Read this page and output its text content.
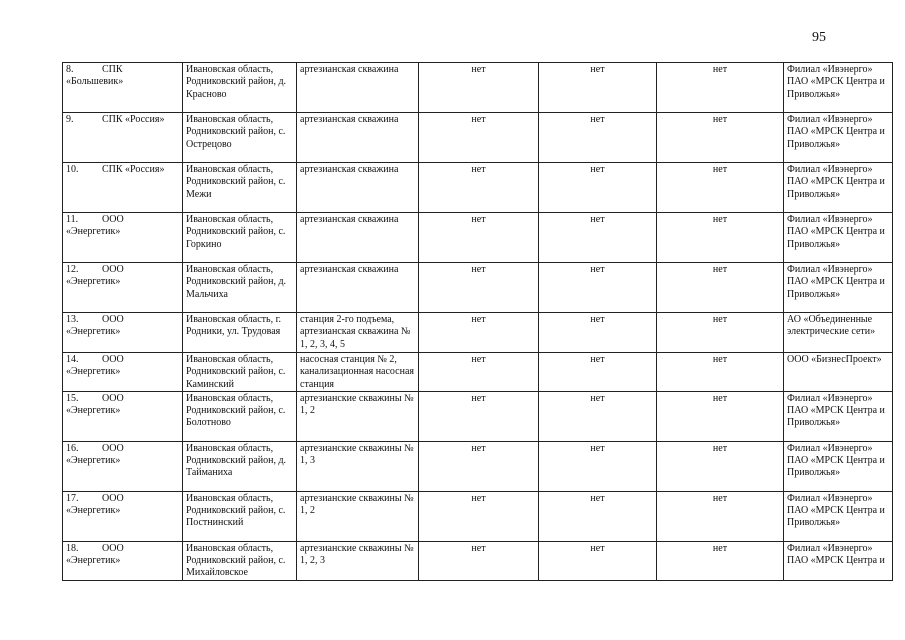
95
8. СПК «Большевик»	Ивановская область, Родниковский район, д. Красново	артезианская скважина	нет	нет	нет	Филиал «Ивэнерго» ПАО «МРСК Центра и Приволжья»
9. СПК «Россия»	Ивановская область, Родниковский район, с. Острецово	артезианская скважина	нет	нет	нет	Филиал «Ивэнерго» ПАО «МРСК Центра и Приволжья»
10. СПК «Россия»	Ивановская область, Родниковский район, с. Межи	артезианская скважина	нет	нет	нет	Филиал «Ивэнерго» ПАО «МРСК Центра и Приволжья»
11. ООО «Энергетик»	Ивановская область, Родниковский район, с. Горкино	артезианская скважина	нет	нет	нет	Филиал «Ивэнерго» ПАО «МРСК Центра и Приволжья»
12. ООО «Энергетик»	Ивановская область, Родниковский район, д. Мальчиха	артезианская скважина	нет	нет	нет	Филиал «Ивэнерго» ПАО «МРСК Центра и Приволжья»
13. ООО «Энергетик»	Ивановская область, г. Родники, ул. Трудовая	станция 2-го подъема, артезианская скважина № 1, 2, 3, 4, 5	нет	нет	нет	АО «Объединенные электрические сети»
14. ООО «Энергетик»	Ивановская область, Родниковский район, с. Каминский	насосная станция № 2, канализационная насосная станция	нет	нет	нет	ООО «БизнесПроект»
15. ООО «Энергетик»	Ивановская область, Родниковский район, с. Болотново	артезианские скважины № 1, 2	нет	нет	нет	Филиал «Ивэнерго» ПАО «МРСК Центра и Приволжья»
16. ООО «Энергетик»	Ивановская область, Родниковский район, д. Тайманиха	артезианские скважины № 1, 3	нет	нет	нет	Филиал «Ивэнерго» ПАО «МРСК Центра и Приволжья»
17. ООО «Энергетик»	Ивановская область, Родниковский район, с. Постнинский	артезианские скважины № 1, 2	нет	нет	нет	Филиал «Ивэнерго» ПАО «МРСК Центра и Приволжья»
18. ООО «Энергетик»	Ивановская область, Родниковский район, с. Михайловское	артезианские скважины № 1, 2, 3	нет	нет	нет	Филиал «Ивэнерго» ПАО «МРСК Центра и
